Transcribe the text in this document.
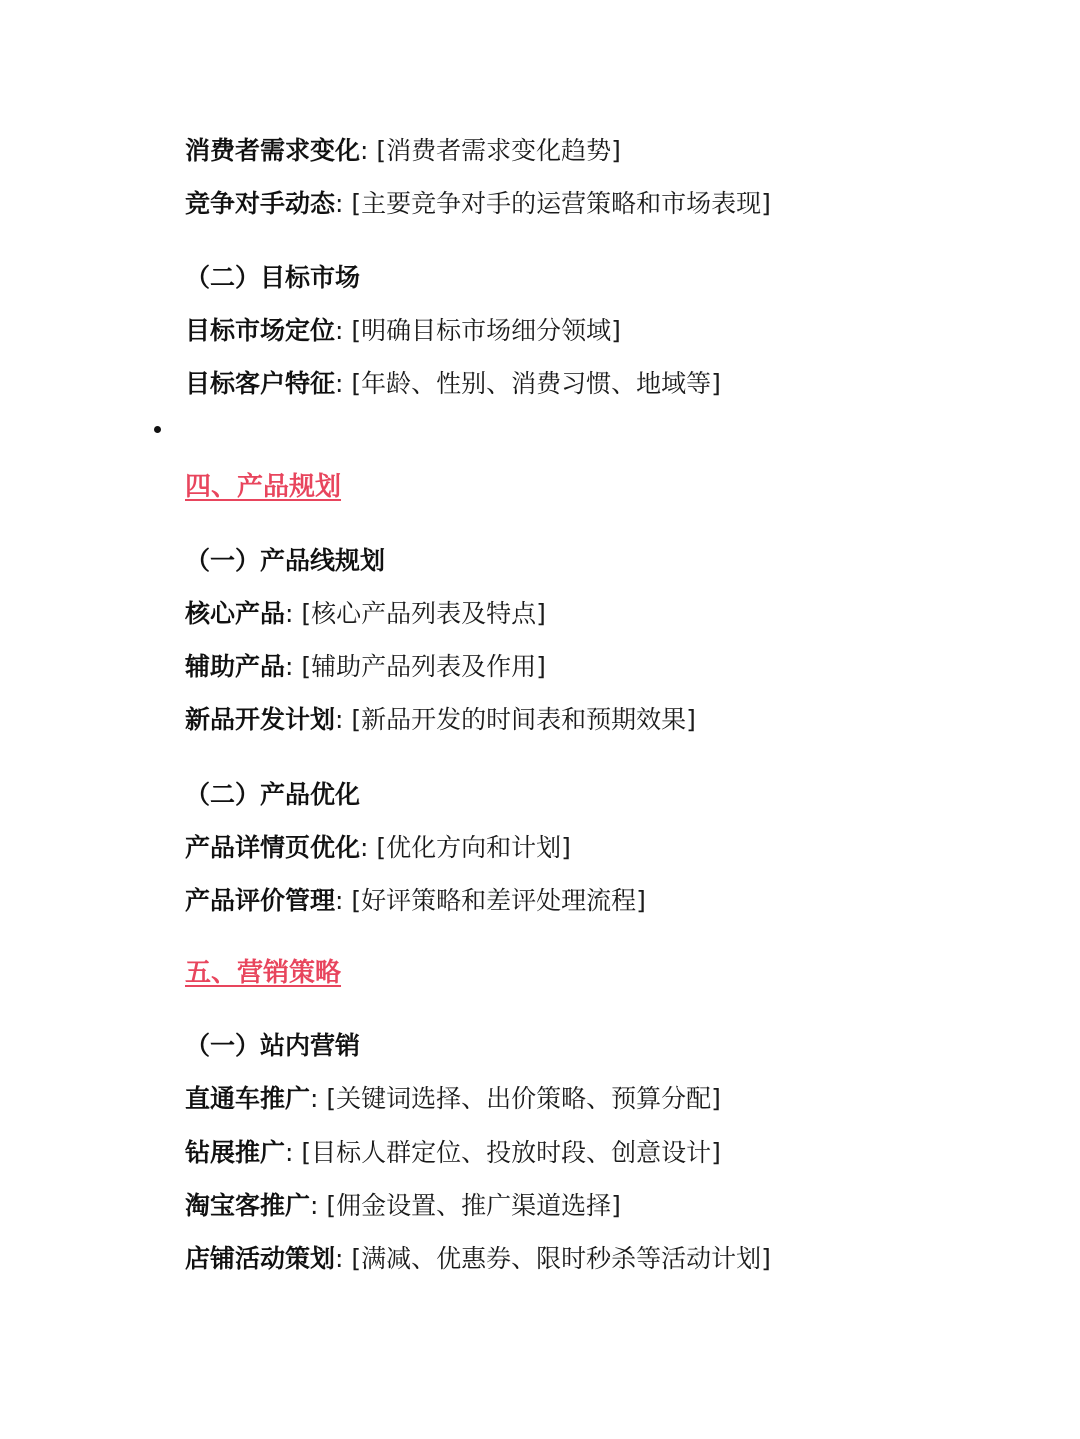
消费者需求变化: [消费者需求变化趋势]
竞争对手动态: [主要竞争对手的运营策略和市场表现]
（二）目标市场
目标市场定位: [明确目标市场细分领域]
目标客户特征: [年龄、性别、消费习惯、地域等]
四、产品规划
（一）产品线规划
核心产品: [核心产品列表及特点]
辅助产品: [辅助产品列表及作用]
新品开发计划: [新品开发的时间表和预期效果]
（二）产品优化
产品详情页优化: [优化方向和计划]
产品评价管理: [好评策略和差评处理流程]
五、营销策略
（一）站内营销
直通车推广: [关键词选择、出价策略、预算分配]
钻展推广: [目标人群定位、投放时段、创意设计]
淘宝客推广: [佣金设置、推广渠道选择]
店铺活动策划: [满减、优惠券、限时秒杀等活动计划]
